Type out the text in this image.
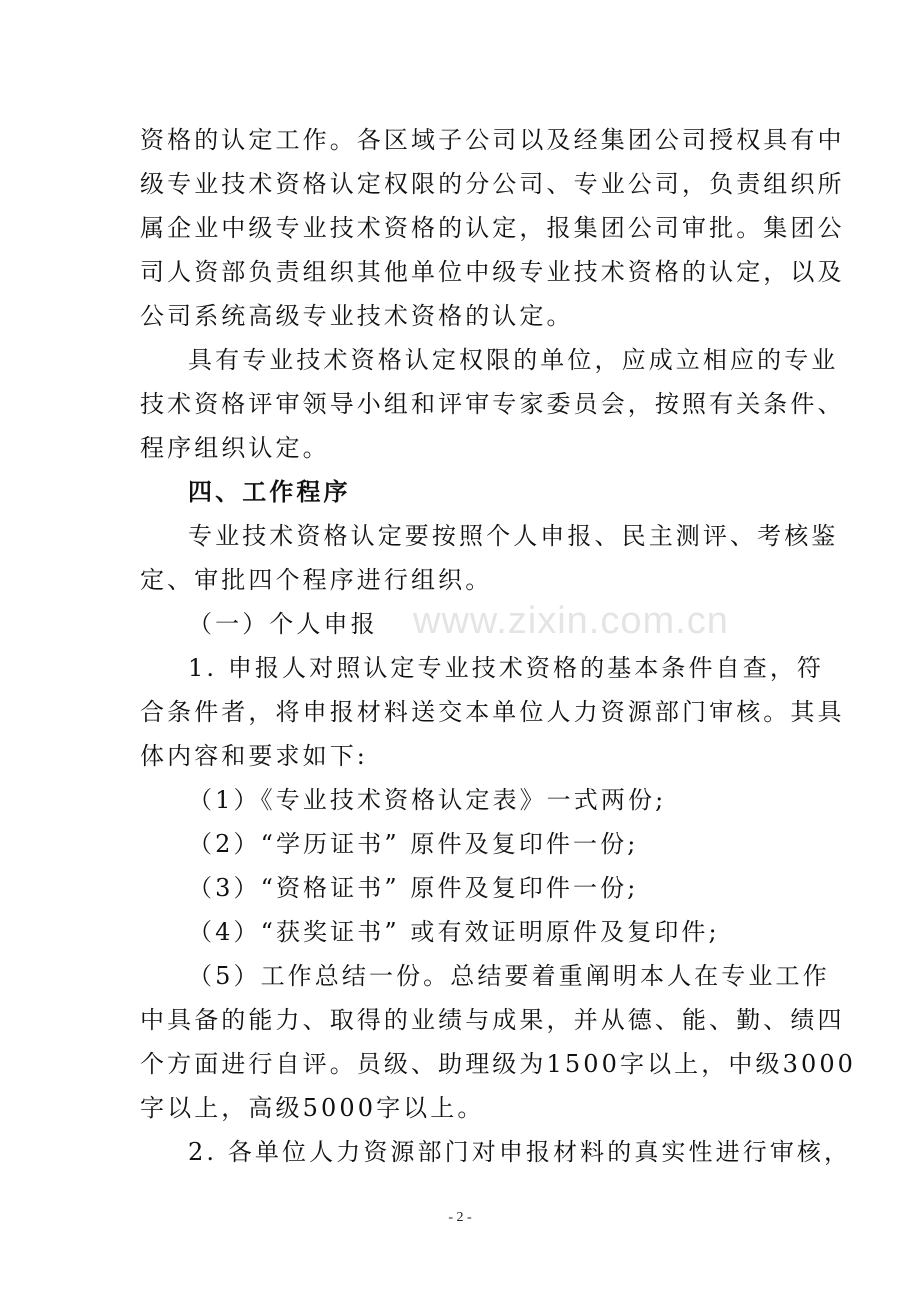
资格的认定工作。各区域子公司以及经集团公司授权具有中
级专业技术资格认定权限的分公司、专业公司，负责组织所
属企业中级专业技术资格的认定，报集团公司审批。集团公
司人资部负责组织其他单位中级专业技术资格的认定，以及
公司系统高级专业技术资格的认定。
具有专业技术资格认定权限的单位，应成立相应的专业
技术资格评审领导小组和评审专家委员会，按照有关条件、
程序组织认定。
四、工作程序
专业技术资格认定要按照个人申报、民主测评、考核鉴
定、审批四个程序进行组织。
（一）个人申报
1. 申报人对照认定专业技术资格的基本条件自查，符
合条件者，将申报材料送交本单位人力资源部门审核。其具
体内容和要求如下:
（1）《专业技术资格认定表》一式两份;
（2）“学历证书” 原件及复印件一份;
（3）“资格证书” 原件及复印件一份;
（4）“获奖证书” 或有效证明原件及复印件;
（5）工作总结一份。总结要着重阐明本人在专业工作
中具备的能力、取得的业绩与成果，并从德、能、勤、绩四
个方面进行自评。员级、助理级为1500字以上，中级3000
字以上，高级5000字以上。
2. 各单位人力资源部门对申报材料的真实性进行审核，
www.zixin.com.cn
- 2 -
